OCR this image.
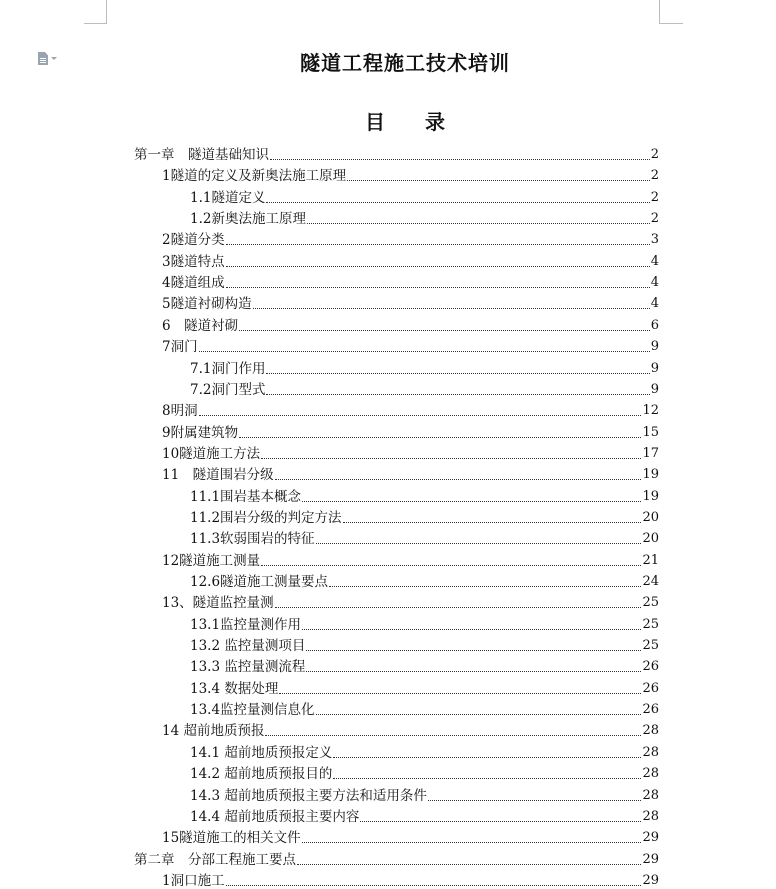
隧道工程施工技术培训
目 录
第一章　隧道基础知识	2
1隧道的定义及新奥法施工原理	2
1.1隧道定义	2
1.2新奥法施工原理	2
2隧道分类	3
3隧道特点	4
4隧道组成	4
5隧道衬砌构造	4
6　隧道衬砌	6
7洞门	9
7.1洞门作用	9
7.2洞门型式	9
8明洞	12
9附属建筑物	15
10隧道施工方法	17
11　隧道围岩分级	19
11.1围岩基本概念	19
11.2围岩分级的判定方法	20
11.3软弱围岩的特征	20
12隧道施工测量	21
12.6隧道施工测量要点	24
13、隧道监控量测	25
13.1监控量测作用	25
13.2 监控量测项目	25
13.3 监控量测流程	26
13.4 数据处理	26
13.4监控量测信息化	26
14 超前地质预报	28
14.1 超前地质预报定义	28
14.2 超前地质预报目的	28
14.3 超前地质预报主要方法和适用条件	28
14.4 超前地质预报主要内容	28
15隧道施工的相关文件	29
第二章　分部工程施工要点	29
1洞口施工	29
